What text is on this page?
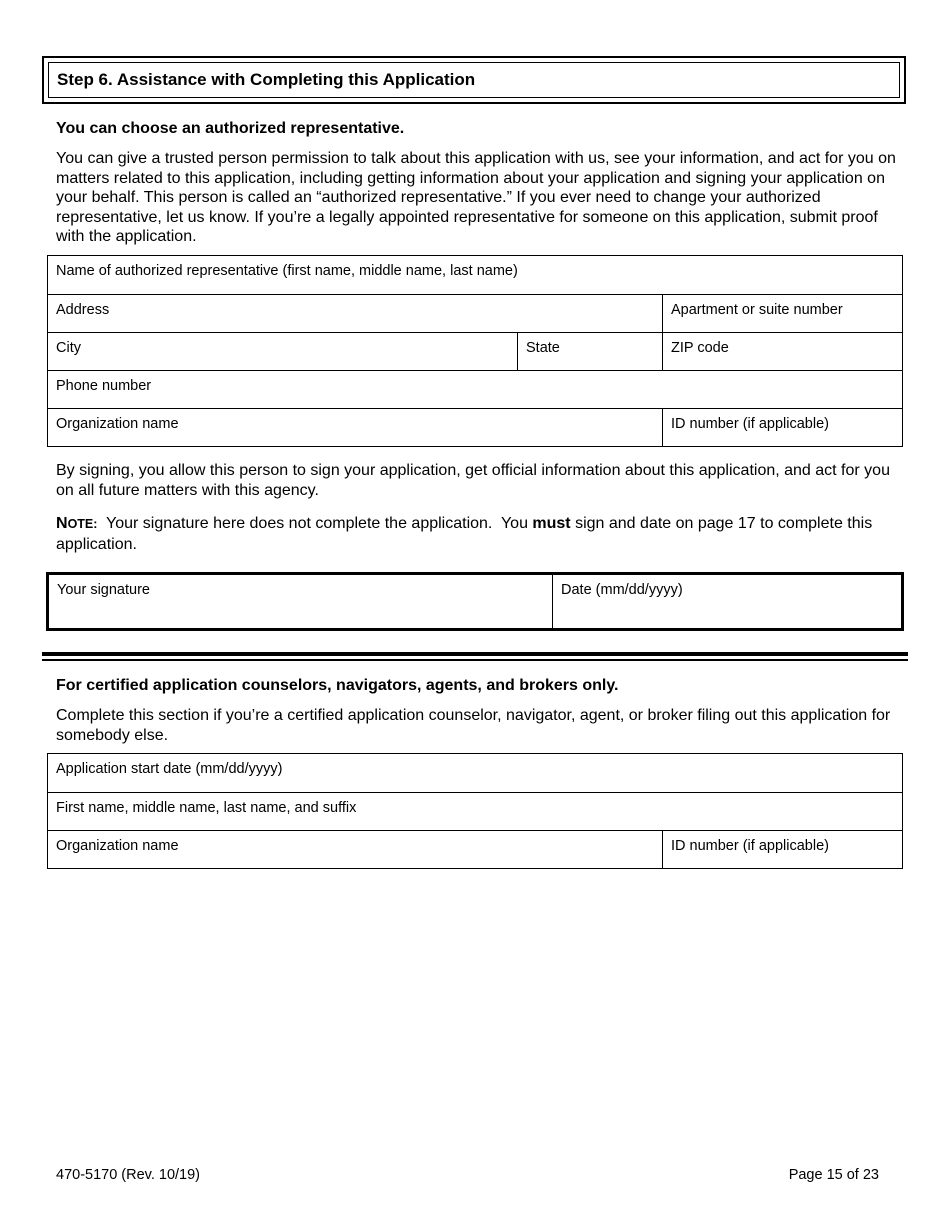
Step 6. Assistance with Completing this Application
You can choose an authorized representative.
You can give a trusted person permission to talk about this application with us, see your information, and act for you on matters related to this application, including getting information about your application and signing your application on your behalf. This person is called an “authorized representative.” If you ever need to change your authorized representative, let us know. If you’re a legally appointed representative for someone on this application, submit proof with the application.
Name of authorized representative (first name, middle name, last name)
Address	Apartment or suite number
City	State	ZIP code
Phone number
Organization name	ID number (if applicable)
By signing, you allow this person to sign your application, get official information about this application, and act for you on all future matters with this agency.
NOTE:  Your signature here does not complete the application.  You must sign and date on page 17 to complete this application.
Your signature	Date (mm/dd/yyyy)
For certified application counselors, navigators, agents, and brokers only.
Complete this section if you’re a certified application counselor, navigator, agent, or broker filing out this application for somebody else.
Application start date (mm/dd/yyyy)
First name, middle name, last name, and suffix
Organization name	ID number (if applicable)
470-5170 (Rev. 10/19)	Page 15 of 23
